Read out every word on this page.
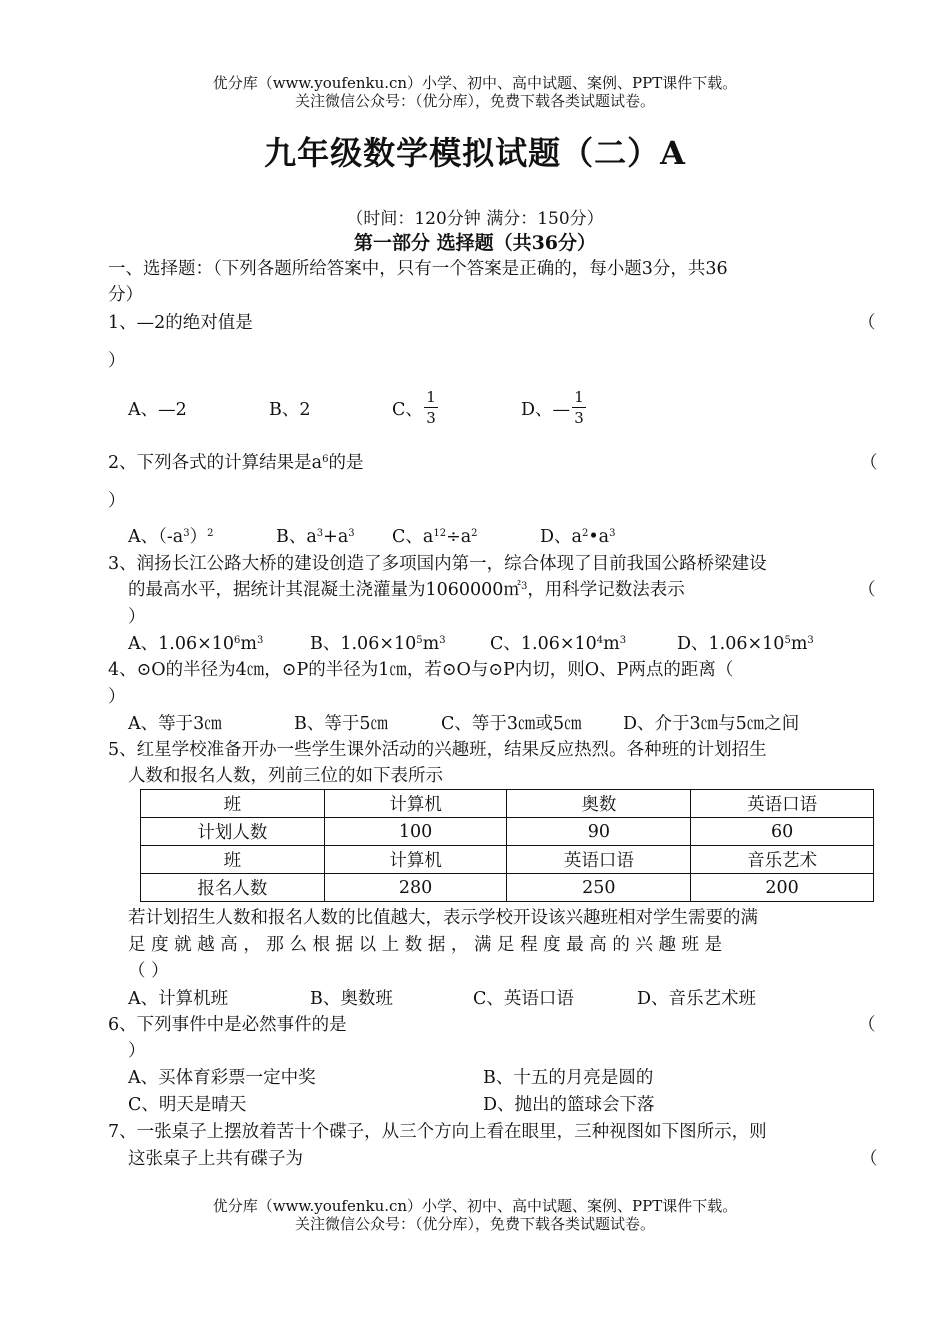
优分库（www.youfenku.cn）小学、初中、高中试题、案例、PPT课件下载。
关注微信公众号：（优分库），免费下载各类试题试卷。
九年级数学模拟试题（二）A
（时间：120分钟 满分：150分）
第一部分 选择题（共36分）
一、选择题：（下列各题所给答案中，只有一个答案是正确的，每小题3分，共36
分）
1、—2的绝对值是	（
）
A、—2	B、2	C、
1
3	D、—
1
3
2、下列各式的计算结果是$a^6$的是	（
）
A、$(-a^3)^2$	B、$a^3+a^3$ C、$a^{12}\div a^2$	D、$a^2•a^3$
3、润扬长江公路大桥的建设创造了多项国内第一，综合体现了目前我国公路桥梁建设
的最高水平，据统计其混凝土浇灌量为1060000㎡$^3$，用科学记数法表示	（
）
A、$1.06\times 10^6m^3$	B、$1.06\times 10^5m^3$	C、$1.06\times 10^4m^3$	D、$1.06\times 10^5m^3$
4、⊙O的半径为4㎝，⊙P的半径为1㎝，若⊙O与⊙P内切，则O、P两点的距离（
）
A、等于3㎝	B、等于5㎝	C、等于3㎝或5㎝ D、介于3㎝与5㎝之间
5、红星学校准备开办一些学生课外活动的兴趣班，结果反应热烈。各种班的计划招生
人数和报名人数，列前三位的如下表所示
班	计算机	奥数	英语口语
计划人数	100	90	60
班	计算机	英语口语	音乐艺术
报名人数	280	250	200
若计划招生人数和报名人数的比值越大，表示学校开设该兴趣班相对学生需要的满
足 度 就 越 高 ， 那 么 根 据 以 上 数 据 ， 满 足 程 度 最 高 的 兴 趣 班 是
（ ）
A、计算机班	B、奥数班	C、英语口语	D、音乐艺术班
6、下列事件中是必然事件的是	（
）
A、买体育彩票一定中奖	B、十五的月亮是圆的
C、明天是晴天	D、抛出的篮球会下落
7、一张桌子上摆放着苦十个碟子，从三个方向上看在眼里，三种视图如下图所示，则
这张桌子上共有碟子为	（
优分库（www.youfenku.cn）小学、初中、高中试题、案例、PPT课件下载。
关注微信公众号：（优分库），免费下载各类试题试卷。
